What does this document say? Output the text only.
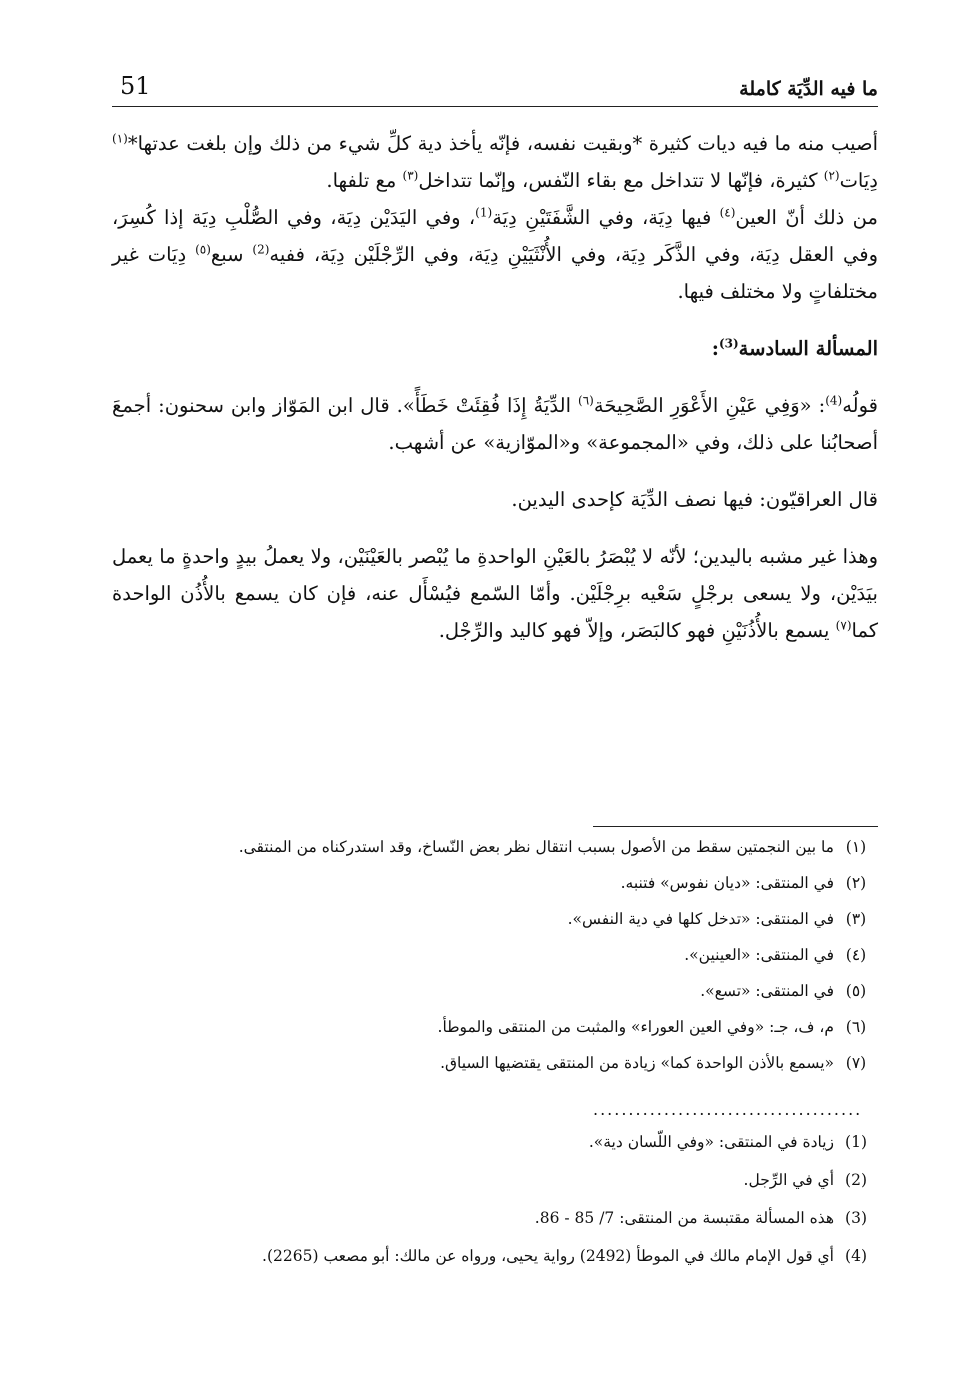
51	ما فيه الدِّيَة كاملة

أصيب منه ما فيه ديات كثيرة *وبقيت نفسه، فإنّه يأخذ دية كلِّ شيء من ذلك وإن بلغت عدتها*$^{(١)}$ دِيَات$^{(٢)}$ كثيرة، فإنّها لا تتداخل مع بقاء النّفس، وإنّما تتداخل$^{(٣)}$ مع تلفها.

من ذلك أنّ العين$^{(٤)}$ فيها دِيَة، وفي الشَّفَتَيْنِ دِيَة$^{(1)}$، وفي اليَدَيْن دِيَة، وفي الصُّلْبِ دِيَة إذا كُسِرَ، وفي العقل دِيَة، وفي الذَّكَر دِيَة، وفي الأُنْثَيَيْنِ دِيَة، وفي الرِّجْلَيْن دِيَة، ففيه$^{(2)}$ سبع$^{(٥)}$ دِيَات غير مختلفاتٍ ولا مختلف فيها.

المسألة السادسة$^{(3)}$:

قولُه$^{(4)}$: «وَفِي عَيْنِ الأَعْوَرِ الصَّحِيحَة$^{(٦)}$ الدِّيَةُ إِذَا فُقِئَتْ خَطَأً». قال ابن المَوّاز وابن سحنون: أجمعَ أصحابُنا على ذلك، وفي «المجموعة» و«الموّازية» عن أشهب.

قال العراقيّون: فيها نصف الدِّيَة كإحدى اليدين.

وهذا غير مشبه باليدين؛ لأنّه لا يُبْصَرُ بالعَيْنِ الواحدةِ ما يُبْصر بالعَيْنَيْن، ولا يعملُ بيدٍ واحدةٍ ما يعمل بيَدَيْن، ولا يسعى برجْلٍ سَعْيه برِجْلَيْن. وأمّا السّمع فيُسْأَل عنه، فإن كان يسمع بالأُذُن الواحدة كما$^{(٧)}$ يسمع بالأُذُنَيْنِ فهو كالبَصَر، وإلاّ فهو كاليد والرِّجْل.

(١)
ما بين النجمتين سقط من الأصول بسبب انتقال نظر بعض النّساخ، وقد استدركناه من المنتقى.
(٢)
في المنتقى: «ديان نفوس» فتنبه.
(٣)
في المنتقى: «تدخل كلها في دية النفس».
(٤)
في المنتقى: «العينين».
(٥)
في المنتقى: «تسع».
(٦)
م، ف، جـ: «وفي العين العوراء» والمثبت من المنتقى والموطأ.
(٧)
«يسمع بالأذن الواحدة كما» زيادة من المنتقى يقتضيها السياق.
......................................
(1)
زيادة في المنتقى: «وفي اللّسان دية».
(2)
أي في الرِّجل.
(3)
هذه المسألة مقتبسة من المنتقى: 7/ 85 - 86.
(4)
أي قول الإمام مالك في الموطأ (2492) رواية يحيى، ورواه عن مالك: أبو مصعب (2265).
